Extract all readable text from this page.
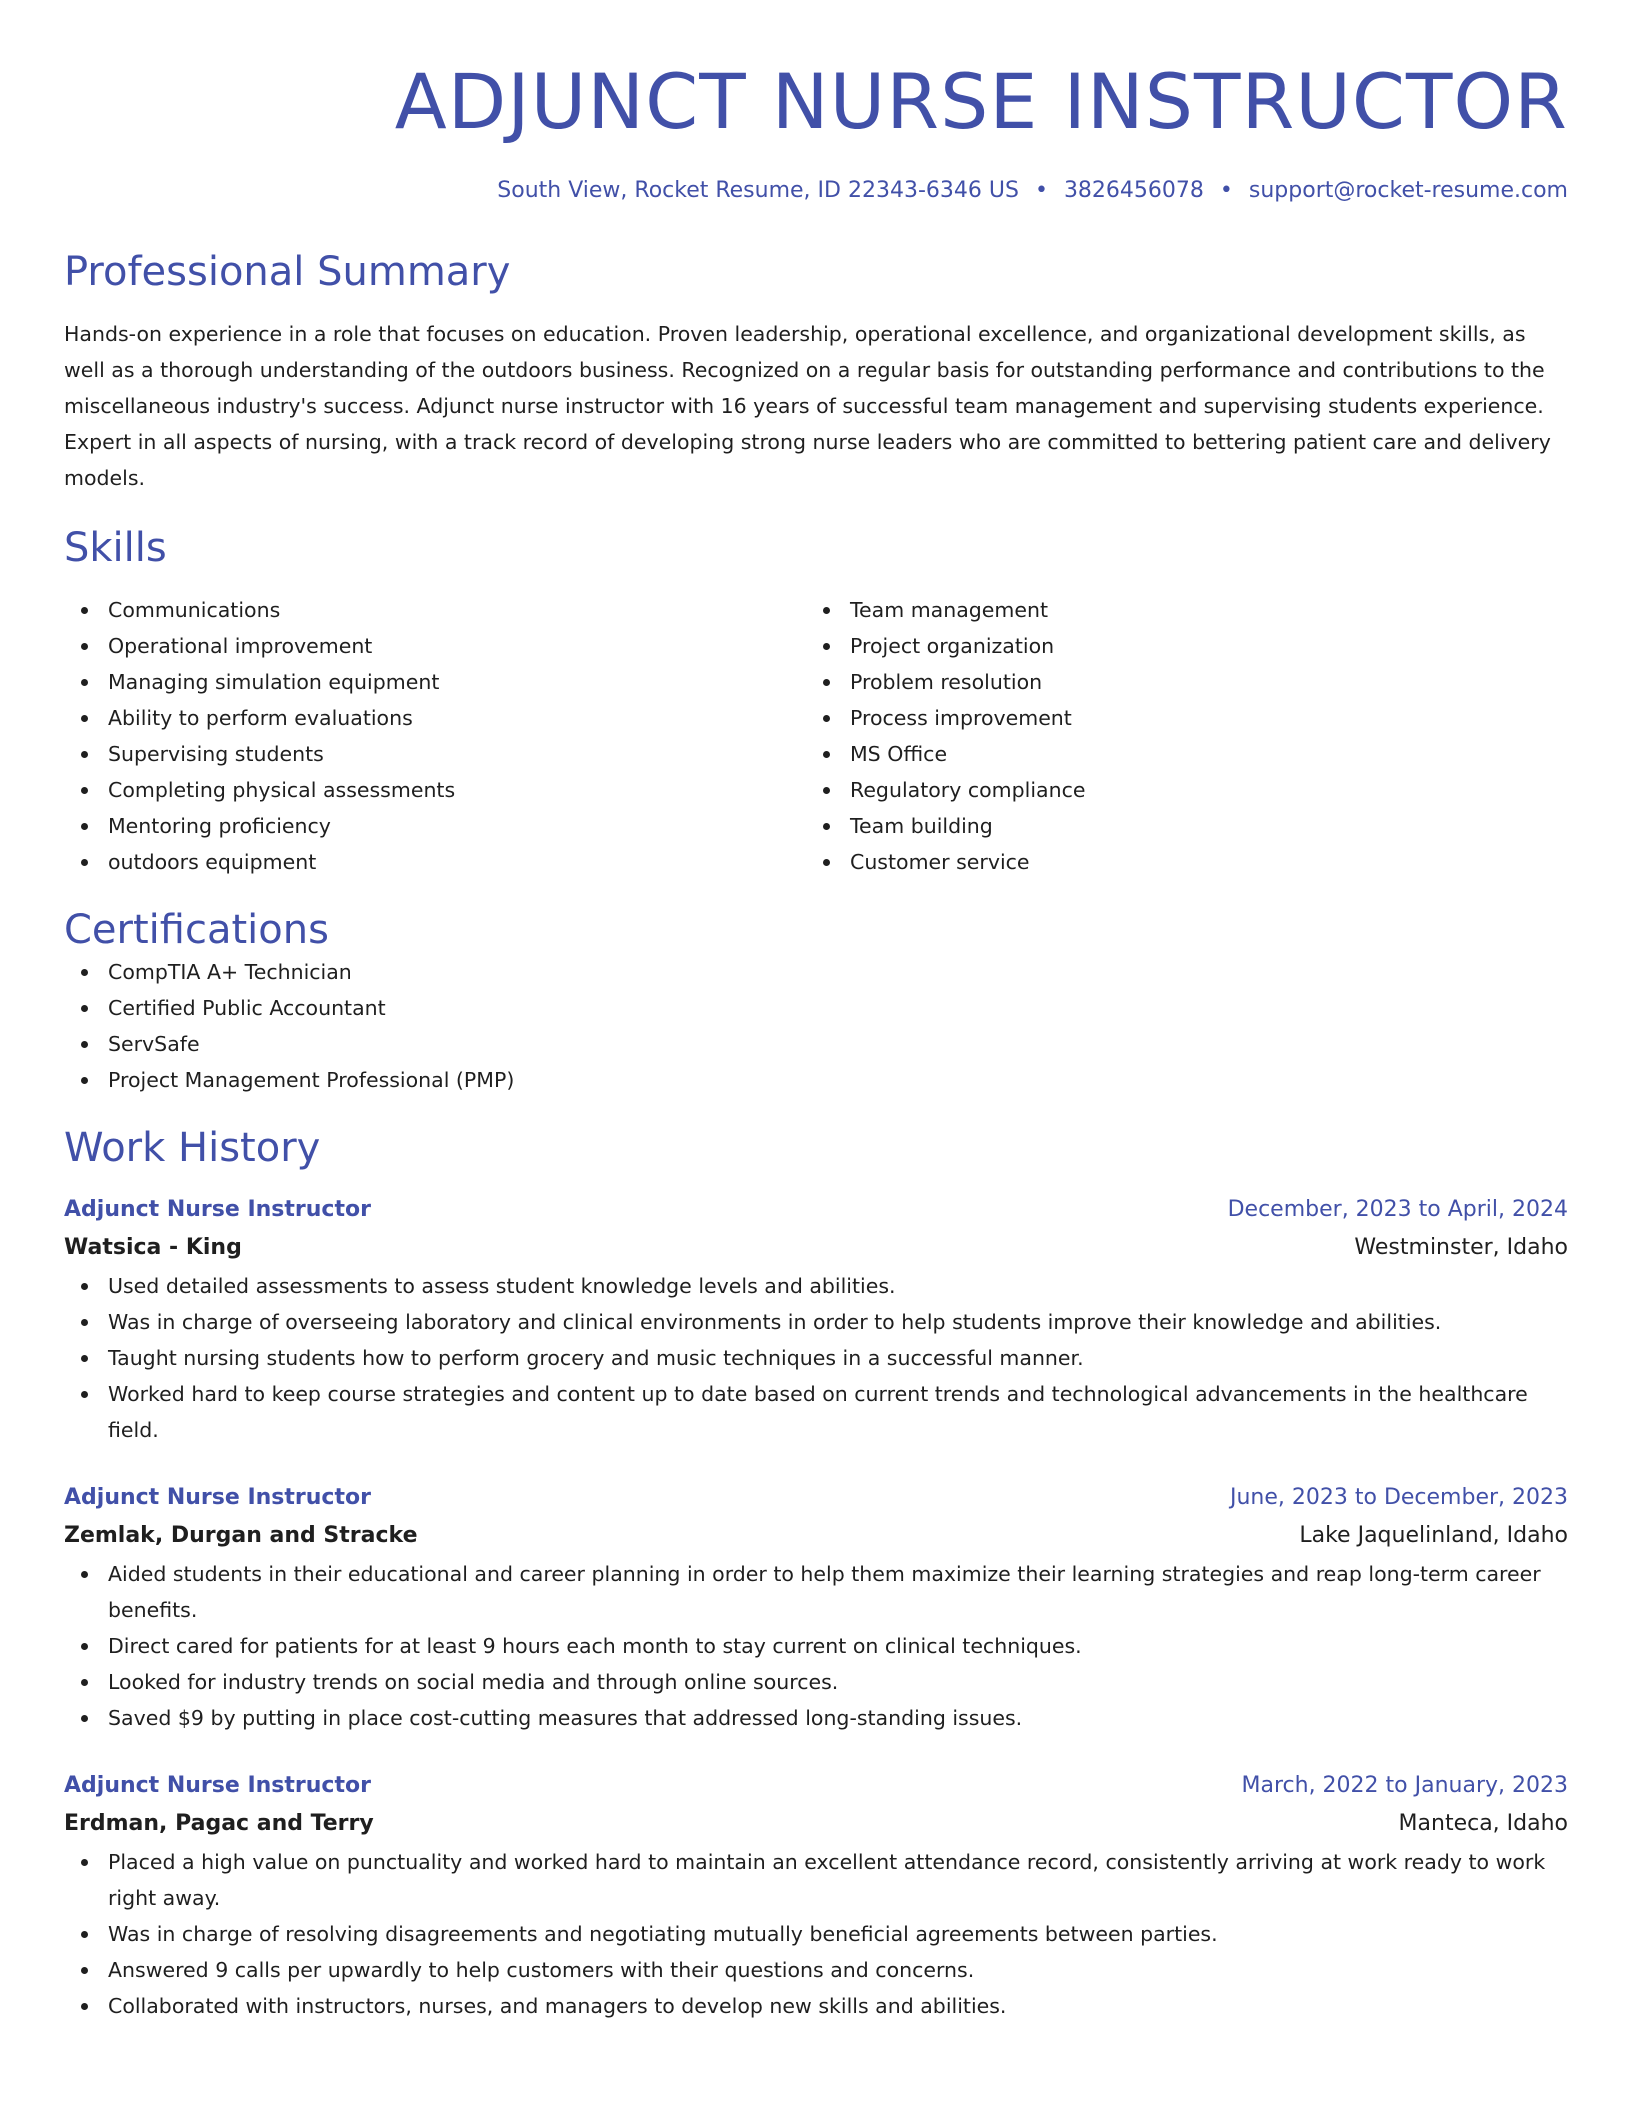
ADJUNCT NURSE INSTRUCTOR
South View, Rocket Resume, ID 22343-6346 US • 3826456078 • support@rocket-resume.com
Professional Summary
Hands-on experience in a role that focuses on education. Proven leadership, operational excellence, and organizational development skills, as well as a thorough understanding of the outdoors business. Recognized on a regular basis for outstanding performance and contributions to the miscellaneous industry's success. Adjunct nurse instructor with 16 years of successful team management and supervising students experience. Expert in all aspects of nursing, with a track record of developing strong nurse leaders who are committed to bettering patient care and delivery models.
Skills
Communications
Operational improvement
Managing simulation equipment
Ability to perform evaluations
Supervising students
Completing physical assessments
Mentoring proficiency
outdoors equipment
Team management
Project organization
Problem resolution
Process improvement
MS Office
Regulatory compliance
Team building
Customer service
Certifications
CompTIA A+ Technician
Certified Public Accountant
ServSafe
Project Management Professional (PMP)
Work History
Adjunct Nurse Instructor	December, 2023 to April, 2024
Watsica - King	Westminster, Idaho
Used detailed assessments to assess student knowledge levels and abilities.
Was in charge of overseeing laboratory and clinical environments in order to help students improve their knowledge and abilities.
Taught nursing students how to perform grocery and music techniques in a successful manner.
Worked hard to keep course strategies and content up to date based on current trends and technological advancements in the healthcare field.
Adjunct Nurse Instructor	June, 2023 to December, 2023
Zemlak, Durgan and Stracke	Lake Jaquelinland, Idaho
Aided students in their educational and career planning in order to help them maximize their learning strategies and reap long-term career benefits.
Direct cared for patients for at least 9 hours each month to stay current on clinical techniques.
Looked for industry trends on social media and through online sources.
Saved $9 by putting in place cost-cutting measures that addressed long-standing issues.
Adjunct Nurse Instructor	March, 2022 to January, 2023
Erdman, Pagac and Terry	Manteca, Idaho
Placed a high value on punctuality and worked hard to maintain an excellent attendance record, consistently arriving at work ready to work right away.
Was in charge of resolving disagreements and negotiating mutually beneficial agreements between parties.
Answered 9 calls per upwardly to help customers with their questions and concerns.
Collaborated with instructors, nurses, and managers to develop new skills and abilities.
